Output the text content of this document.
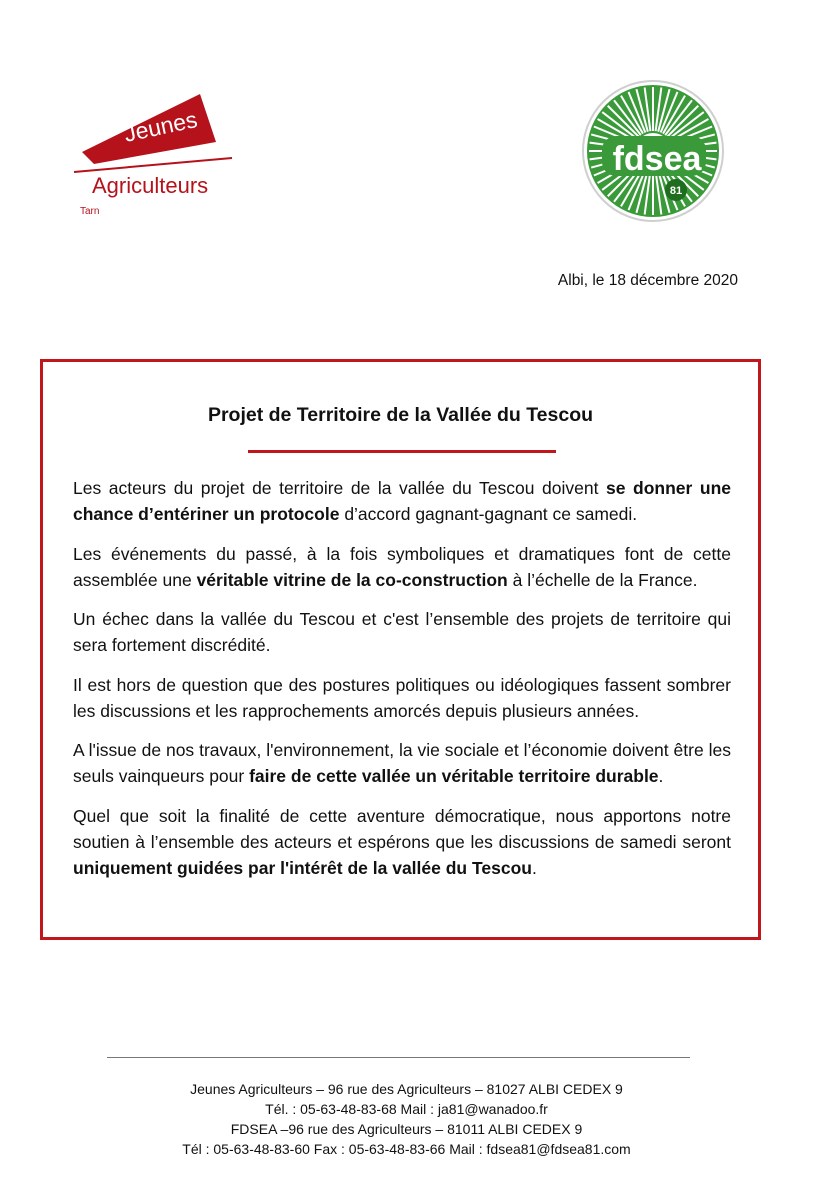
Jeunes
Agriculteurs
Tarn
fdsea
81
Albi, le 18 décembre 2020
Projet de Territoire de la Vallée du Tescou

Les acteurs du projet de territoire de la vallée du Tescou doivent se donner une chance d’entériner un protocole d’accord gagnant-gagnant ce samedi.

Les événements du passé, à la fois symboliques et dramatiques font de cette assemblée une véritable vitrine de la co-construction à l’échelle de la France.

Un échec dans la vallée du Tescou et c'est l’ensemble des projets de territoire qui sera fortement discrédité.

Il est hors de question que des postures politiques ou idéologiques fassent sombrer les discussions et les rapprochements amorcés depuis plusieurs années.

A l'issue de nos travaux, l'environnement, la vie sociale et l’économie doivent être les seuls vainqueurs pour faire de cette vallée un véritable territoire durable.

Quel que soit la finalité de cette aventure démocratique, nous apportons notre soutien à l’ensemble des acteurs et espérons que les discussions de samedi seront uniquement guidées par l'intérêt de la vallée du Tescou.

Jeunes Agriculteurs – 96 rue des Agriculteurs – 81027 ALBI CEDEX 9
Tél. : 05-63-48-83-68 Mail : ja81@wanadoo.fr
FDSEA –96 rue des Agriculteurs – 81011 ALBI CEDEX 9
Tél : 05-63-48-83-60 Fax : 05-63-48-83-66 Mail : fdsea81@fdsea81.com
